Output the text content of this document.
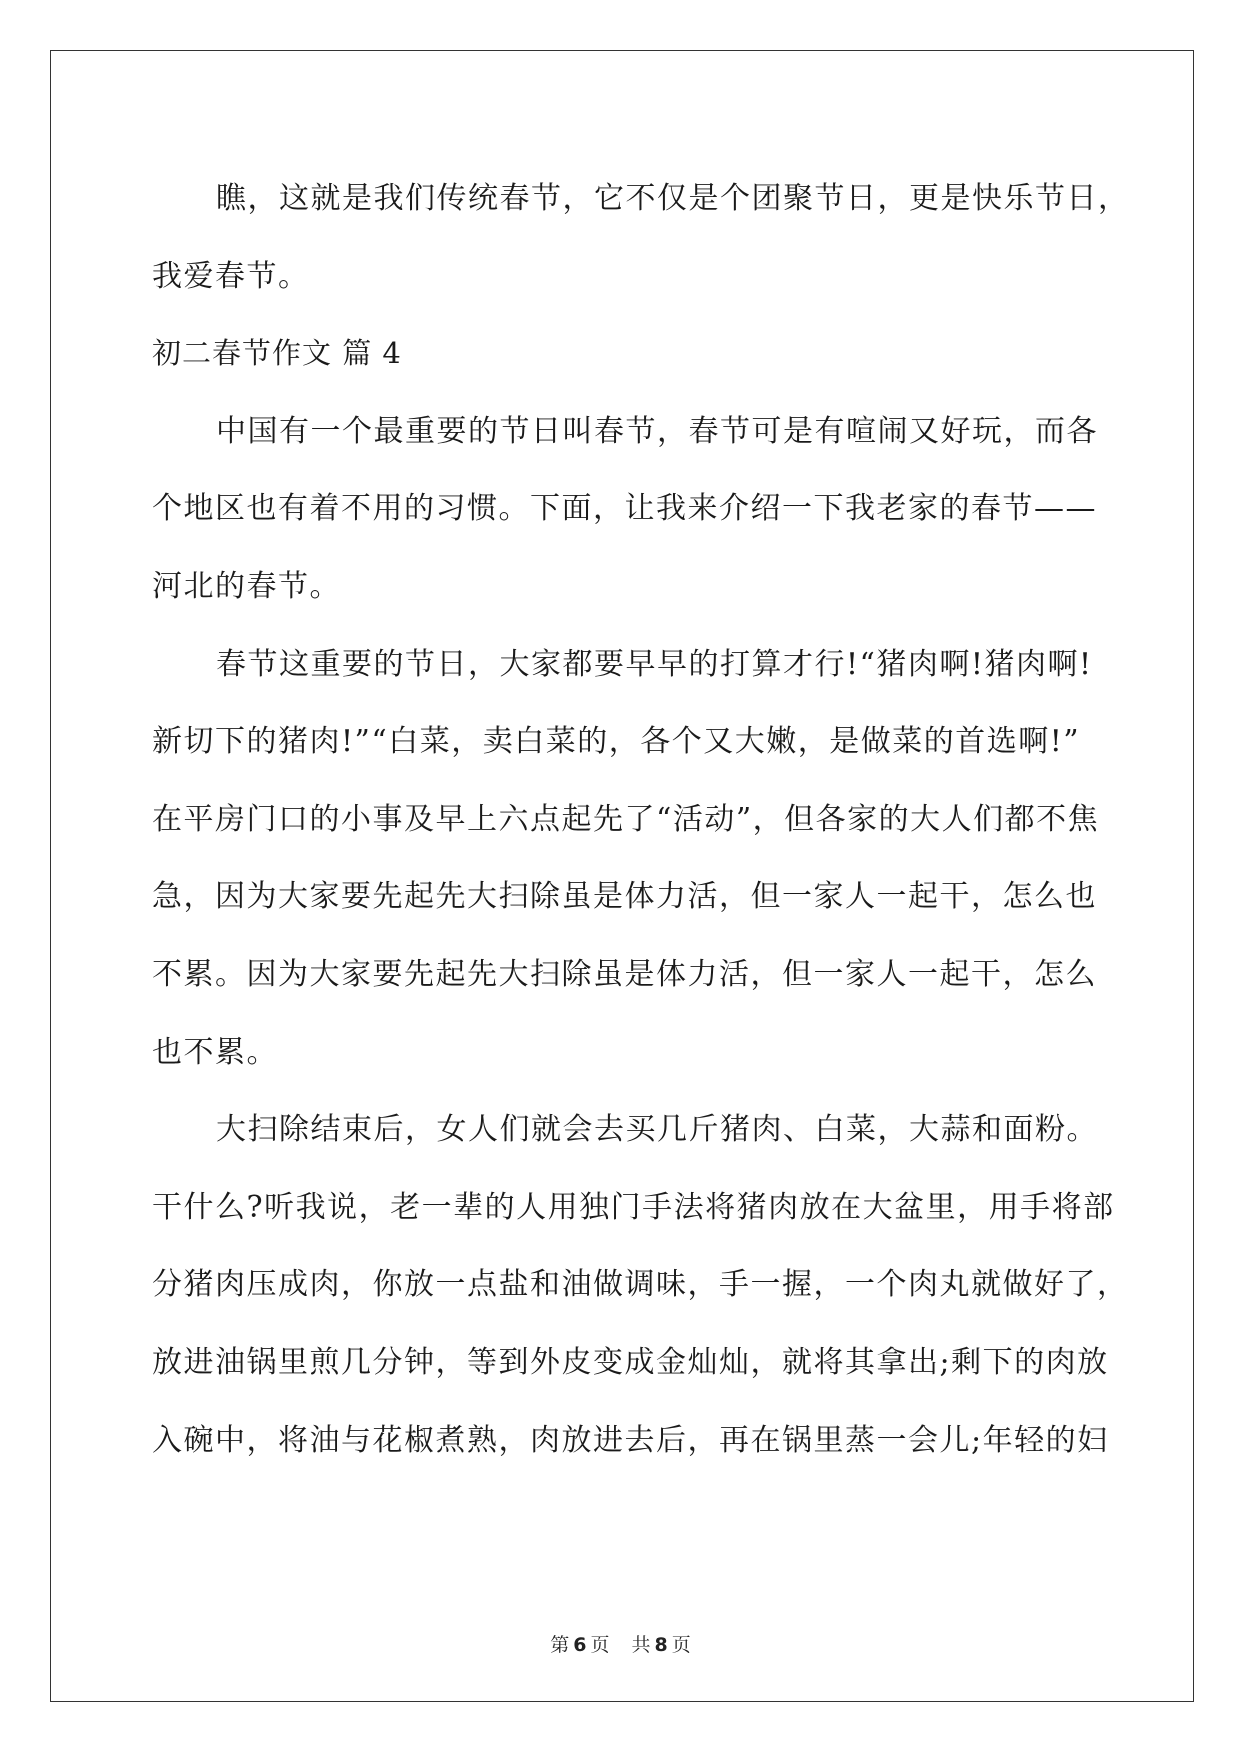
瞧，这就是我们传统春节，它不仅是个团聚节日，更是快乐节日，
我爱春节。
初二春节作文 篇 4
中国有一个最重要的节日叫春节，春节可是有喧闹又好玩，而各
个地区也有着不用的习惯。下面，让我来介绍一下我老家的春节——
河北的春节。
春节这重要的节日，大家都要早早的打算才行!“猪肉啊!猪肉啊!
新切下的猪肉!”“白菜，卖白菜的，各个又大嫩，是做菜的首选啊!”
在平房门口的小事及早上六点起先了“活动”，但各家的大人们都不焦
急，因为大家要先起先大扫除虽是体力活，但一家人一起干，怎么也
不累。因为大家要先起先大扫除虽是体力活，但一家人一起干，怎么
也不累。
大扫除结束后，女人们就会去买几斤猪肉、白菜，大蒜和面粉。
干什么?听我说，老一辈的人用独门手法将猪肉放在大盆里，用手将部
分猪肉压成肉，你放一点盐和油做调味，手一握，一个肉丸就做好了，
放进油锅里煎几分钟，等到外皮变成金灿灿，就将其拿出;剩下的肉放
入碗中，将油与花椒煮熟，肉放进去后，再在锅里蒸一会儿;年轻的妇
第 6 页 共 8 页
